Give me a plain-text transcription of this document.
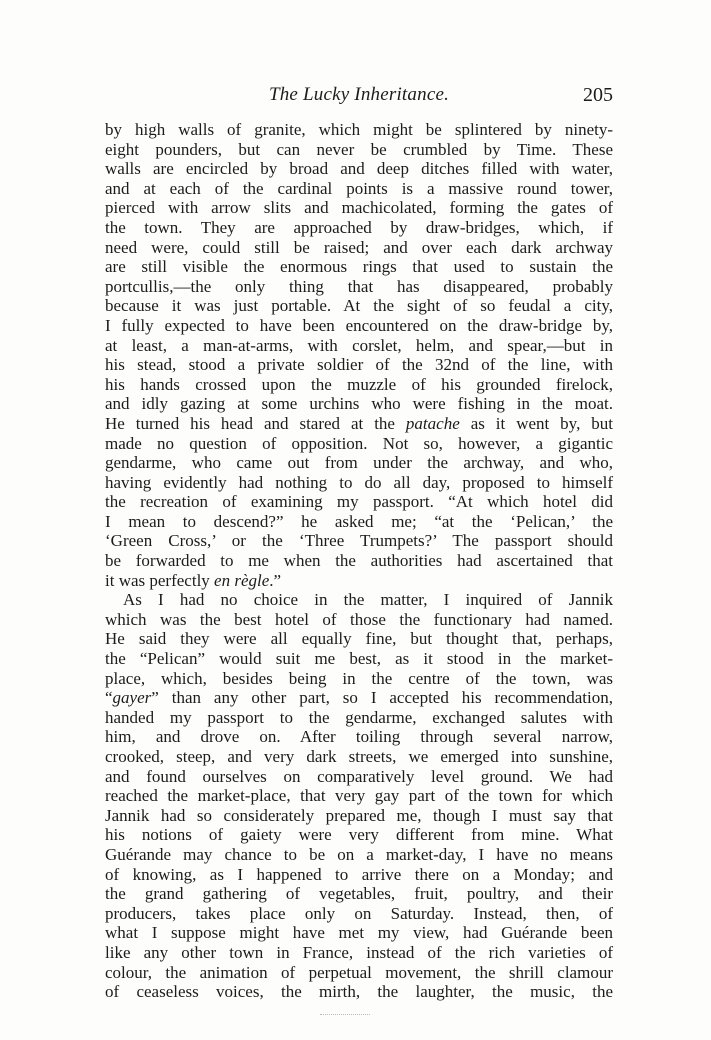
The Lucky Inheritance.	205
by high walls of granite, which might be splintered by ninety-
eight pounders, but can never be crumbled by Time. These
walls are encircled by broad and deep ditches filled with water,
and at each of the cardinal points is a massive round tower,
pierced with arrow slits and machicolated, forming the gates of
the town. They are approached by draw-bridges, which, if
need were, could still be raised; and over each dark archway
are still visible the enormous rings that used to sustain the
portcullis,—the only thing that has disappeared, probably
because it was just portable. At the sight of so feudal a city,
I fully expected to have been encountered on the draw-bridge by,
at least, a man-at-arms, with corslet, helm, and spear,—but in
his stead, stood a private soldier of the 32nd of the line, with
his hands crossed upon the muzzle of his grounded firelock,
and idly gazing at some urchins who were fishing in the moat.
He turned his head and stared at the patache as it went by, but
made no question of opposition. Not so, however, a gigantic
gendarme, who came out from under the archway, and who,
having evidently had nothing to do all day, proposed to himself
the recreation of examining my passport. “At which hotel did
I mean to descend?” he asked me; “at the ‘Pelican,’ the
‘Green Cross,’ or the ‘Three Trumpets?’ The passport should
be forwarded to me when the authorities had ascertained that
it was perfectly en règle.”
As I had no choice in the matter, I inquired of Jannik
which was the best hotel of those the functionary had named.
He said they were all equally fine, but thought that, perhaps,
the “Pelican” would suit me best, as it stood in the market-
place, which, besides being in the centre of the town, was
“gayer” than any other part, so I accepted his recommendation,
handed my passport to the gendarme, exchanged salutes with
him, and drove on. After toiling through several narrow,
crooked, steep, and very dark streets, we emerged into sunshine,
and found ourselves on comparatively level ground. We had
reached the market-place, that very gay part of the town for which
Jannik had so considerately prepared me, though I must say that
his notions of gaiety were very different from mine. What
Guérande may chance to be on a market-day, I have no means
of knowing, as I happened to arrive there on a Monday; and
the grand gathering of vegetables, fruit, poultry, and their
producers, takes place only on Saturday. Instead, then, of
what I suppose might have met my view, had Guérande been
like any other town in France, instead of the rich varieties of
colour, the animation of perpetual movement, the shrill clamour
of ceaseless voices, the mirth, the laughter, the music, the
